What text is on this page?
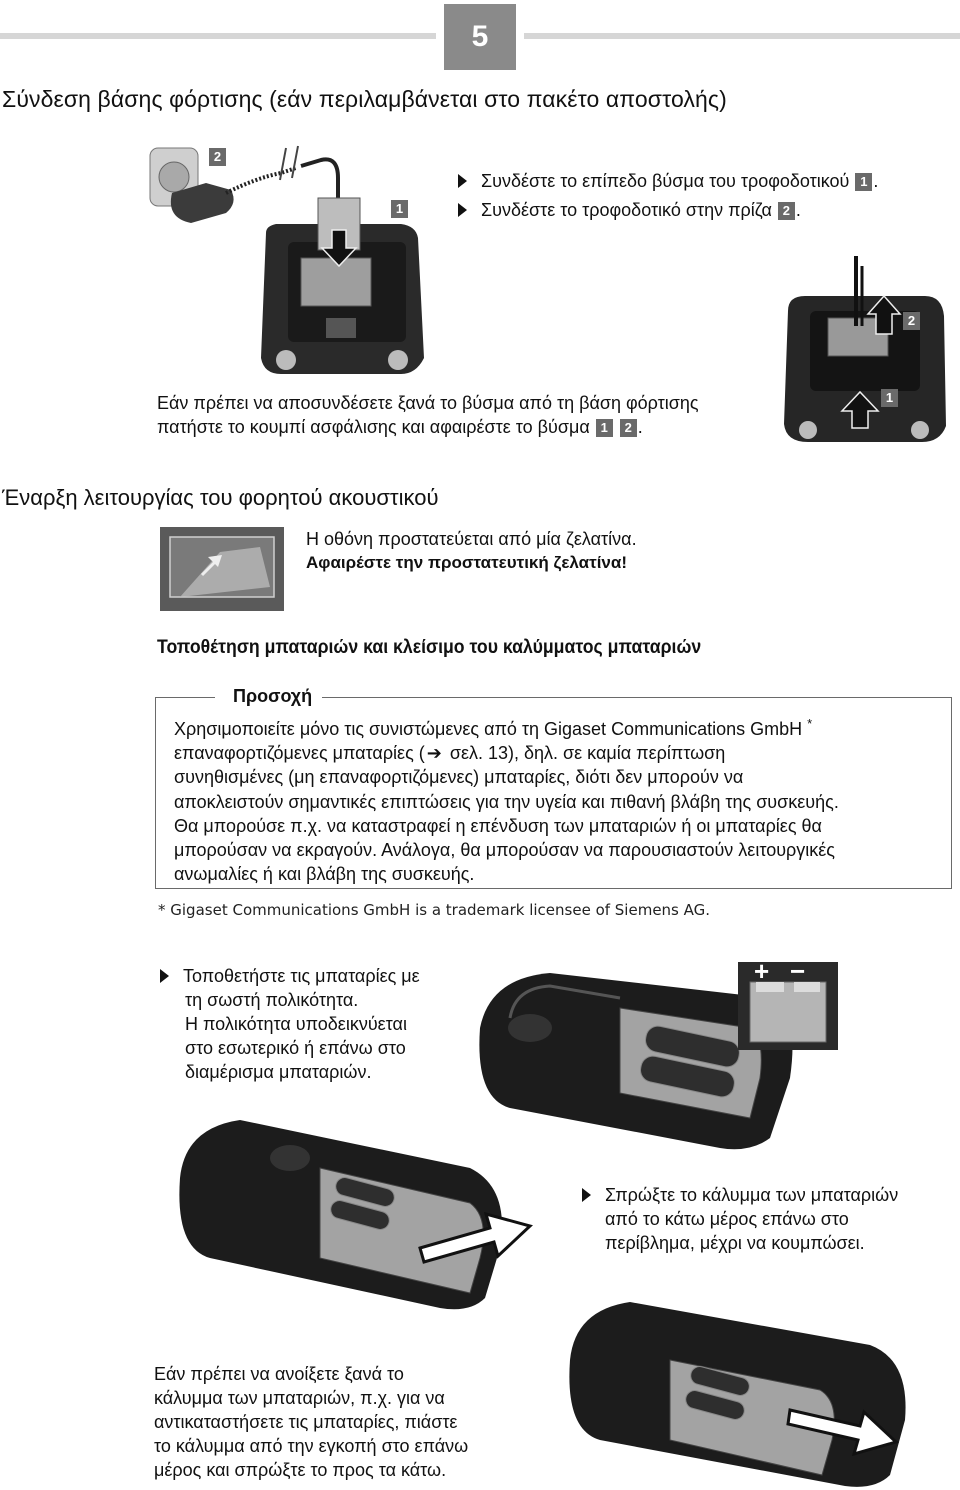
5
Σύνδεση βάσης φόρτισης (εάν περιλαμβάνεται στο πακέτο αποστολής)
2
1
Συνδέστε το επίπεδο βύσμα του τροφοδοτικού 1 .
Συνδέστε το τροφοδοτικό στην πρίζα 2 .
2
1
Εάν πρέπει να αποσυνδέσετε ξανά το βύσμα από τη βάση φόρτισης
πατήστε το κουμπί ασφάλισης και αφαιρέστε το βύσμα 1 2 .
Έναρξη λειτουργίας του φορητού ακουστικού
Η οθόνη προστατεύεται από μία ζελατίνα.
Αφαιρέστε την προστατευτική ζελατίνα!
Τοποθέτηση μπαταριών και κλείσιμο του καλύμματος μπαταριών
Προσοχή
Χρησιμοποιείτε μόνο τις συνιστώμενες από τη Gigaset Communications GmbH *
επαναφορτιζόμενες μπαταρίες ( ➔ σελ. 13), δηλ. σε καμία περίπτωση
συνηθισμένες (μη επαναφορτιζόμενες) μπαταρίες, διότι δεν μπορούν να
αποκλειστούν σημαντικές επιπτώσεις για την υγεία και πιθανή βλάβη της συσκευής.
Θα μπορούσε π.χ. να καταστραφεί η επένδυση των μπαταριών ή οι μπαταρίες θα
μπορούσαν να εκραγούν. Ανάλογα, θα μπορούσαν να παρουσιαστούν λειτουργικές
ανωμαλίες ή και βλάβη της συσκευής.
* Gigaset Communications GmbH is a trademark licensee of Siemens AG.
Τοποθετήστε τις μπαταρίες με
τη σωστή πολικότητα.
Η πολικότητα υποδεικνύεται
στο εσωτερικό ή επάνω στο
διαμέρισμα μπαταριών.
+ −
Σπρώξτε το κάλυμμα των μπαταριών
από το κάτω μέρος επάνω στο
περίβλημα, μέχρι να κουμπώσει.
Εάν πρέπει να ανοίξετε ξανά το
κάλυμμα των μπαταριών, π.χ. για να
αντικαταστήσετε τις μπαταρίες, πιάστε
το κάλυμμα από την εγκοπή στο επάνω
μέρος και σπρώξτε το προς τα κάτω.
